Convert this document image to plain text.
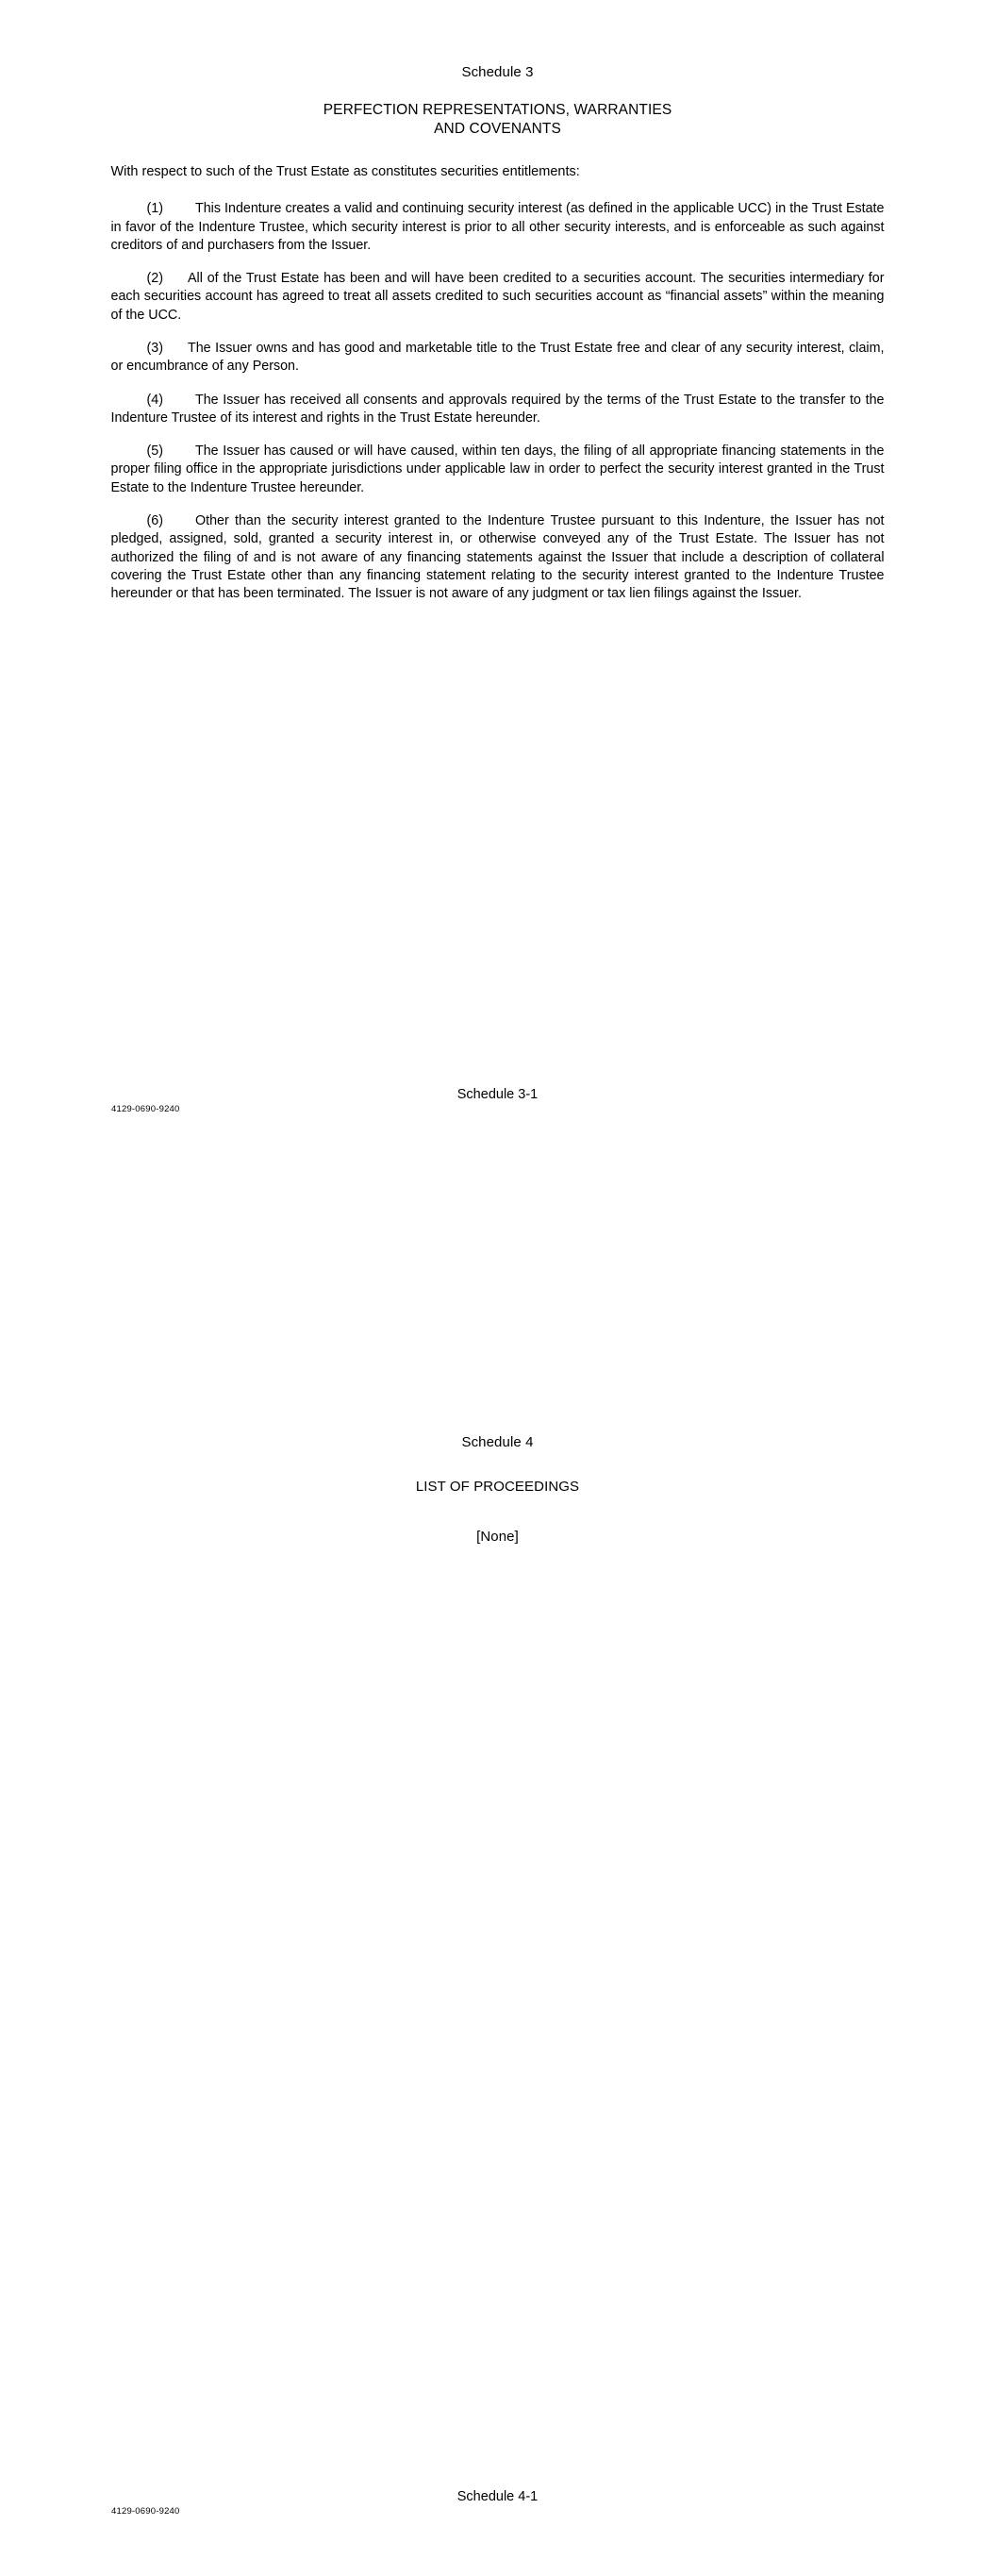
Schedule 3
PERFECTION REPRESENTATIONS, WARRANTIES
AND COVENANTS

With respect to such of the Trust Estate as constitutes securities entitlements:

(1) This Indenture creates a valid and continuing security interest (as defined in the applicable UCC) in the Trust Estate in favor of the Indenture Trustee, which security interest is prior to all other security interests, and is enforceable as such against creditors of and purchasers from the Issuer.

(2) All of the Trust Estate has been and will have been credited to a securities account. The securities intermediary for each securities account has agreed to treat all assets credited to such securities account as “financial assets” within the meaning of the UCC.

(3) The Issuer owns and has good and marketable title to the Trust Estate free and clear of any security interest, claim, or encumbrance of any Person.

(4) The Issuer has received all consents and approvals required by the terms of the Trust Estate to the transfer to the Indenture Trustee of its interest and rights in the Trust Estate hereunder.

(5) The Issuer has caused or will have caused, within ten days, the filing of all appropriate financing statements in the proper filing office in the appropriate jurisdictions under applicable law in order to perfect the security interest granted in the Trust Estate to the Indenture Trustee hereunder.

(6) Other than the security interest granted to the Indenture Trustee pursuant to this Indenture, the Issuer has not pledged, assigned, sold, granted a security interest in, or otherwise conveyed any of the Trust Estate. The Issuer has not authorized the filing of and is not aware of any financing statements against the Issuer that include a description of collateral covering the Trust Estate other than any financing statement relating to the security interest granted to the Indenture Trustee hereunder or that has been terminated. The Issuer is not aware of any judgment or tax lien filings against the Issuer.

Schedule 3-1
4129-0690-9240
Schedule 4
LIST OF PROCEEDINGS
[None]
Schedule 4-1
4129-0690-9240
